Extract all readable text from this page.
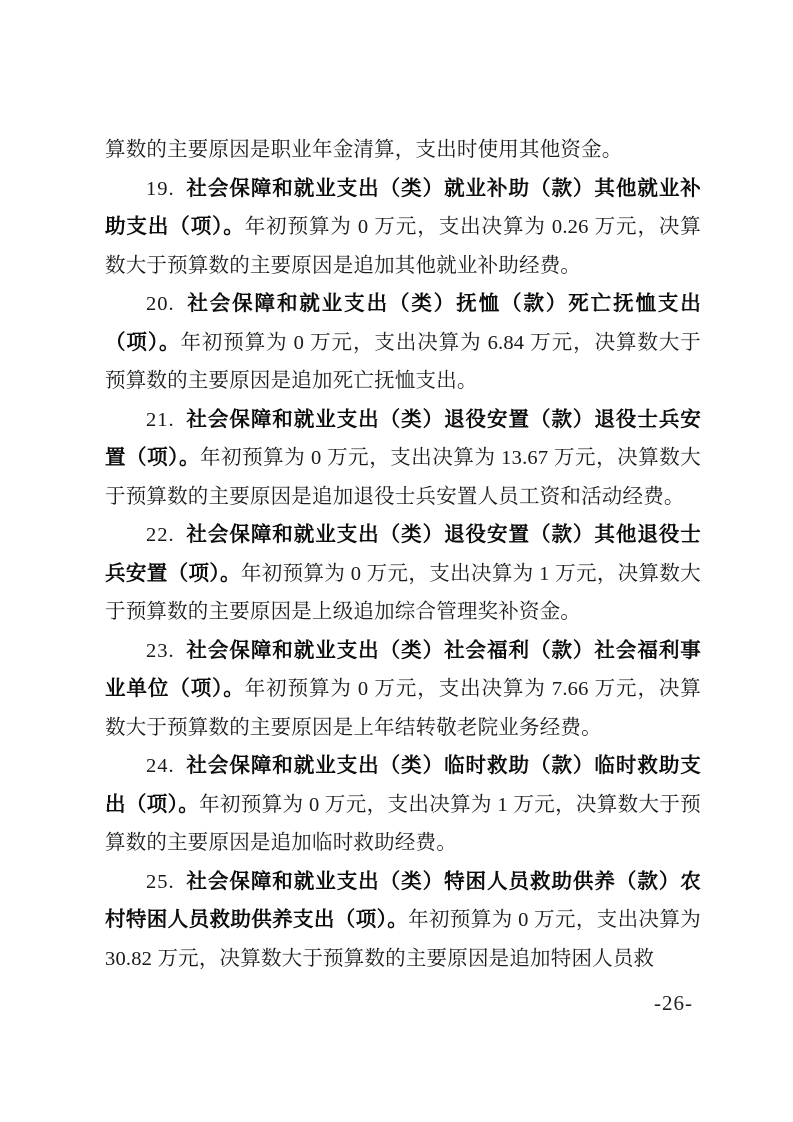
算数的主要原因是职业年金清算，支出时使用其他资金。

19. 社会保障和就业支出（类）就业补助（款）其他就业补助支出（项）。年初预算为 0 万元，支出决算为 0.26 万元，决算数大于预算数的主要原因是追加其他就业补助经费。

20. 社会保障和就业支出（类）抚恤（款）死亡抚恤支出（项）。年初预算为 0 万元，支出决算为 6.84 万元，决算数大于预算数的主要原因是追加死亡抚恤支出。

21. 社会保障和就业支出（类）退役安置（款）退役士兵安置（项）。年初预算为 0 万元，支出决算为 13.67 万元，决算数大于预算数的主要原因是追加退役士兵安置人员工资和活动经费。

22. 社会保障和就业支出（类）退役安置（款）其他退役士兵安置（项）。年初预算为 0 万元，支出决算为 1 万元，决算数大于预算数的主要原因是上级追加综合管理奖补资金。

23. 社会保障和就业支出（类）社会福利（款）社会福利事业单位（项）。年初预算为 0 万元，支出决算为 7.66 万元，决算数大于预算数的主要原因是上年结转敬老院业务经费。

24. 社会保障和就业支出（类）临时救助（款）临时救助支出（项）。年初预算为 0 万元，支出决算为 1 万元，决算数大于预算数的主要原因是追加临时救助经费。

25. 社会保障和就业支出（类）特困人员救助供养（款）农村特困人员救助供养支出（项）。年初预算为 0 万元，支出决算为 30.82 万元，决算数大于预算数的主要原因是追加特困人员救

-26-
